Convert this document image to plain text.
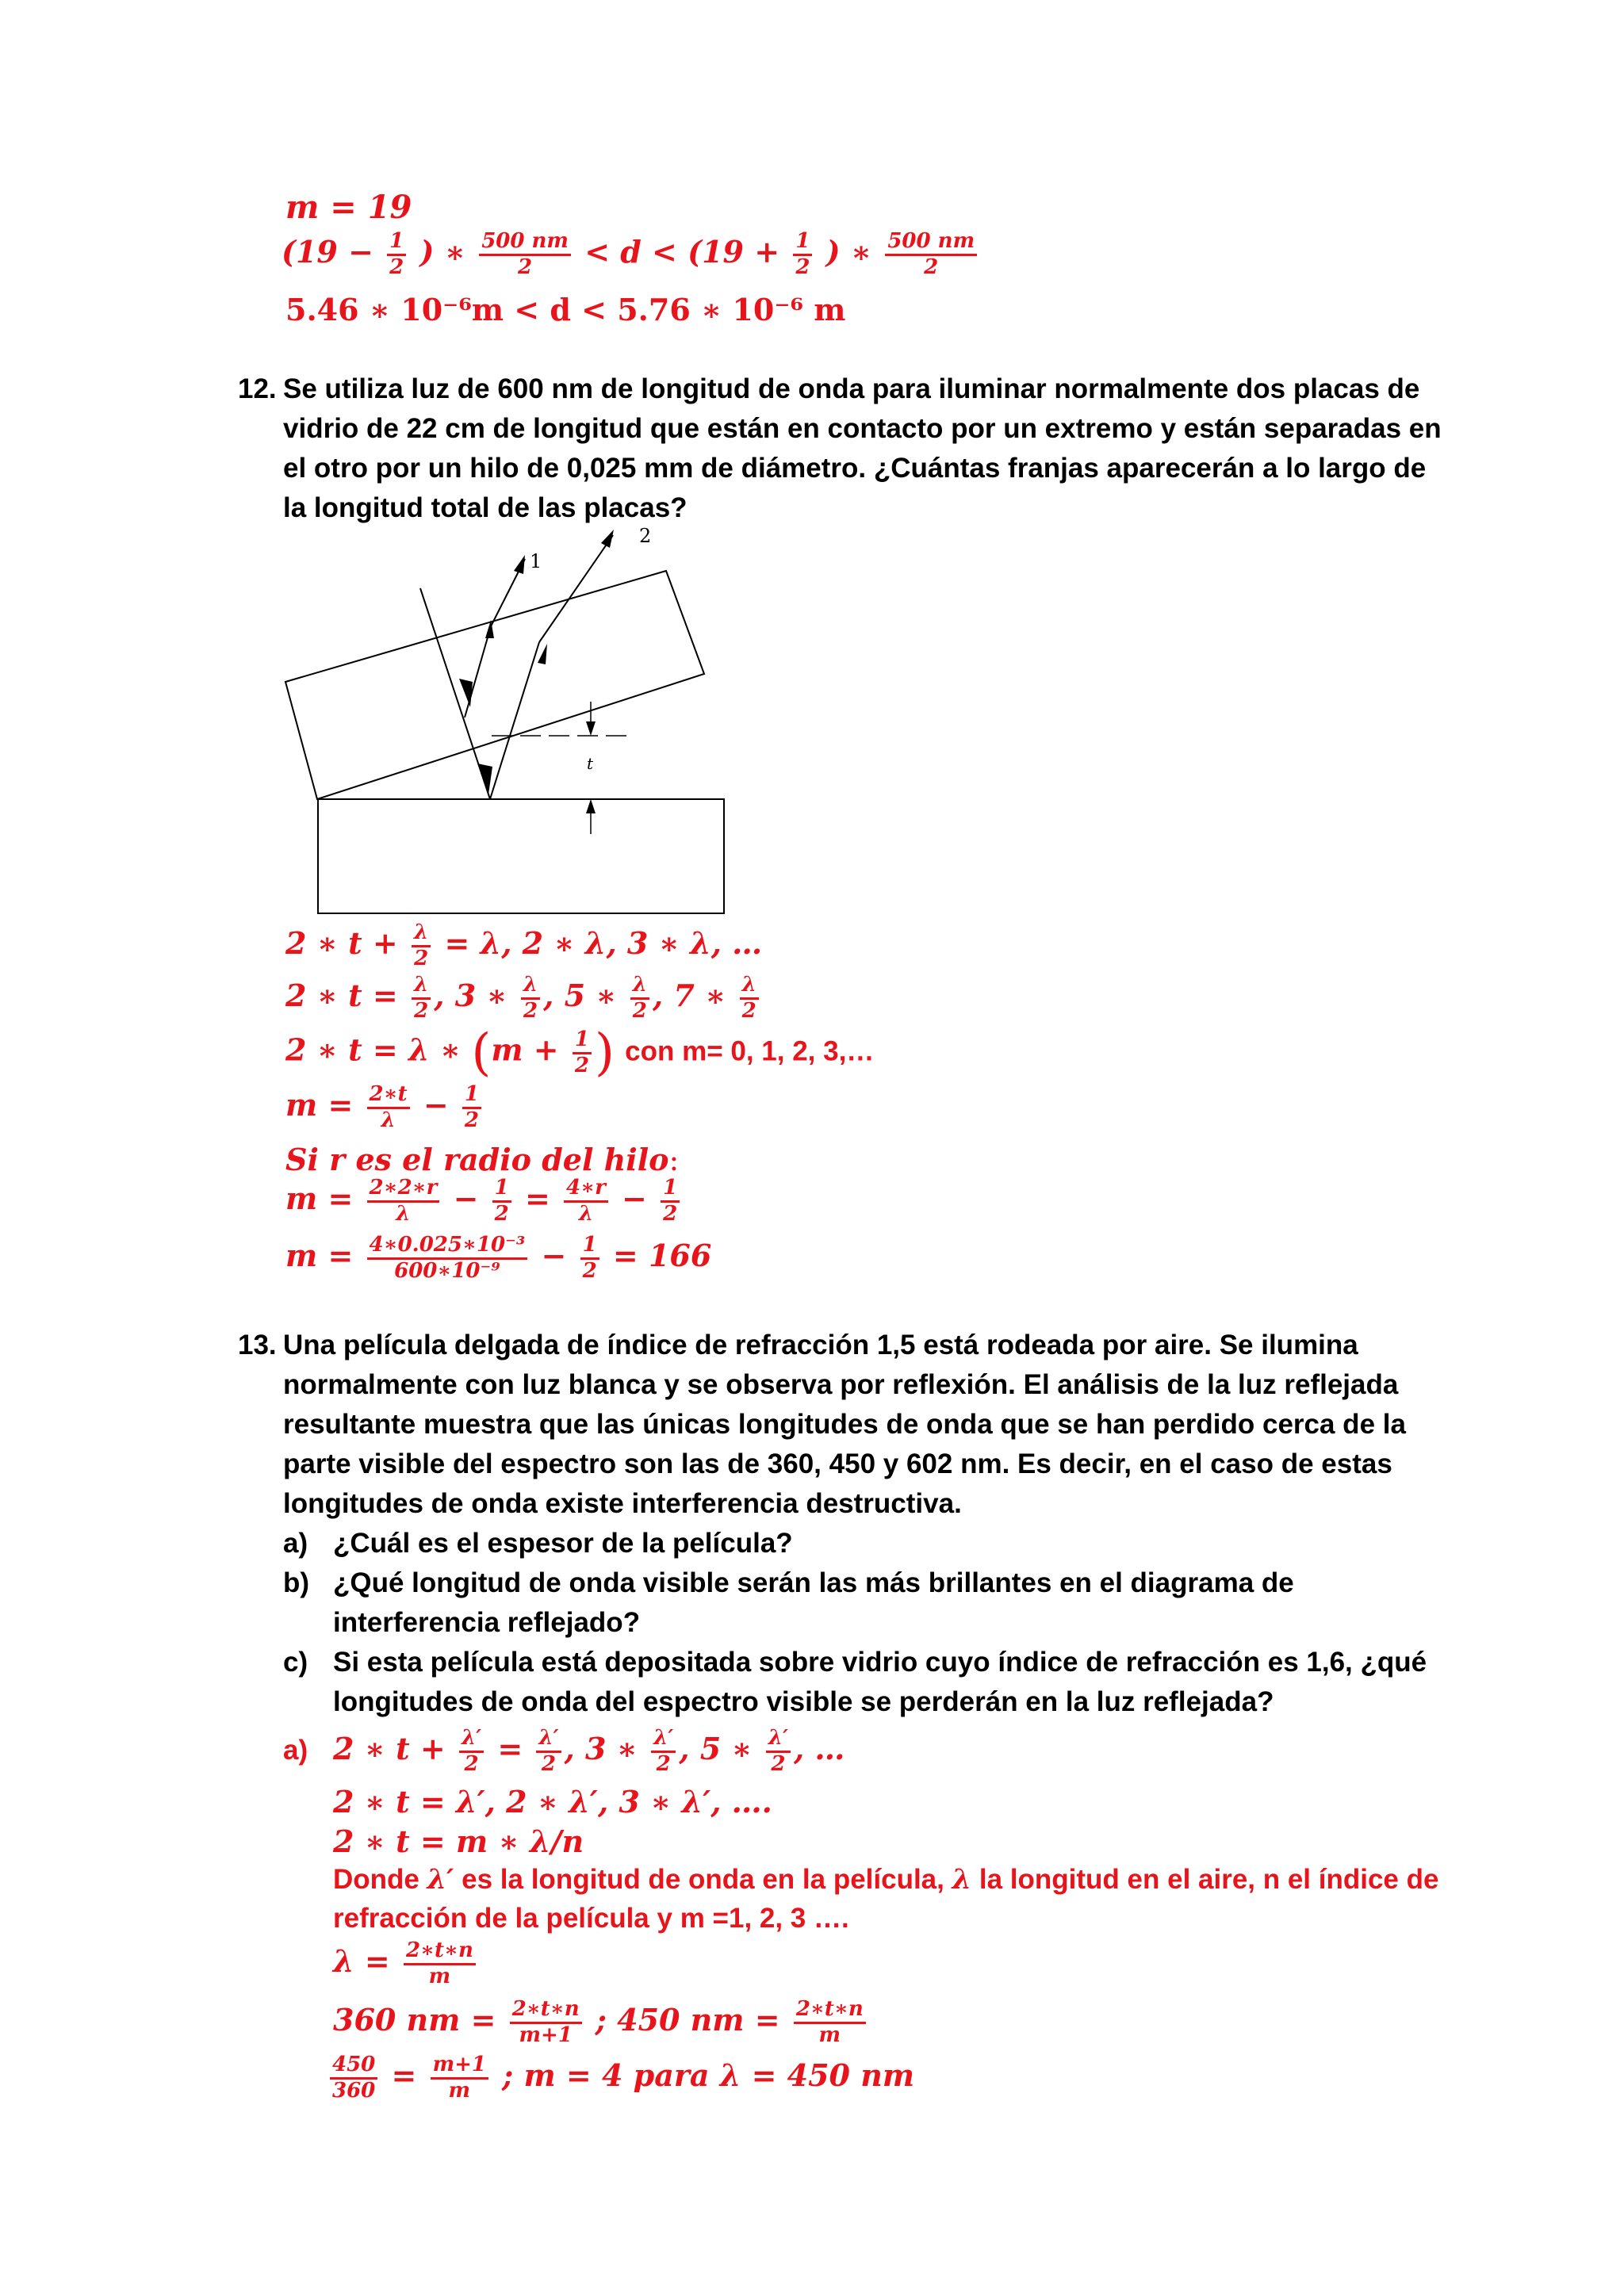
m = 19
($19 - \frac{1}{2}$ ) ∗ $\frac{500 nm}{2} < d < (19 + \frac{1}{2}$ ) ∗ $\frac{500 nm}{2}$
5.46 ∗ 10⁻⁶m < d < 5.76 ∗ 10⁻⁶ m
12. Se utiliza luz de 600 nm de longitud de onda para iluminar normalmente dos placas de
vidrio de 22 cm de longitud que están en contacto por un extremo y están separadas en
el otro por un hilo de 0,025 mm de diámetro. ¿Cuántas franjas aparecerán a lo largo de
la longitud total de las placas?
1
2
t
2 ∗ $t + \frac{\lambda}{2} = \lambda$, 2 ∗ λ, 3 ∗ λ, …
2 ∗ $t = \frac{\lambda}{2}$ , 3 ∗ $\frac{\lambda}{2}$ , 5 ∗ $\frac{\lambda}{2}$ , 7 ∗ $\frac{\lambda}{2}$
2 ∗ t = λ ∗ ($m + \frac{1}{2}$ ) con m= 0, 1, 2, 3,…
$m = \frac{2∗t}{\lambda} - \frac{1}{2}$
Si r es el radio del hilo:
$m = \frac{2∗2∗r}{\lambda} - \frac{1}{2} = \frac{4∗r}{\lambda} - \frac{1}{2}$
$m = \frac{\text{4∗0.025∗10⁻³}}{\text{600∗10⁻⁹}} - \frac{1}{2} = 166$
13. Una película delgada de índice de refracción 1,5 está rodeada por aire. Se ilumina
normalmente con luz blanca y se observa por reflexión. El análisis de la luz reflejada
resultante muestra que las únicas longitudes de onda que se han perdido cerca de la
parte visible del espectro son las de 360, 450 y 602 nm. Es decir, en el caso de estas
longitudes de onda existe interferencia destructiva.
a) ¿Cuál es el espesor de la película?
b) ¿Qué longitud de onda visible serán las más brillantes en el diagrama de
interferencia reflejado?
c) Si esta película está depositada sobre vidrio cuyo índice de refracción es 1,6, ¿qué
longitudes de onda del espectro visible se perderán en la luz reflejada?
a) 2 ∗ $t + \frac{\lambda'}{2} = \frac{\lambda'}{2}$ , 3 ∗ $\frac{\lambda'}{2}$ , 5 ∗ $\frac{\lambda'}{2}$ , …
2 ∗ t = λ′, 2 ∗ λ′, 3 ∗ λ′, ….
2 ∗ t = m ∗ λ/n
Donde λ′ es la longitud de onda en la película, λ la longitud en el aire, n el índice de
refracción de la película y m =1, 2, 3 ….
$\lambda = \frac{2∗t∗n}{m}$
360 nm = $\frac{2∗t∗n}{m+1}$ ; 450 nm = $\frac{2∗t∗n}{m}$
$\frac{450}{360} = \frac{m+1}{m}$ ; m = 4 para λ = 450 nm
